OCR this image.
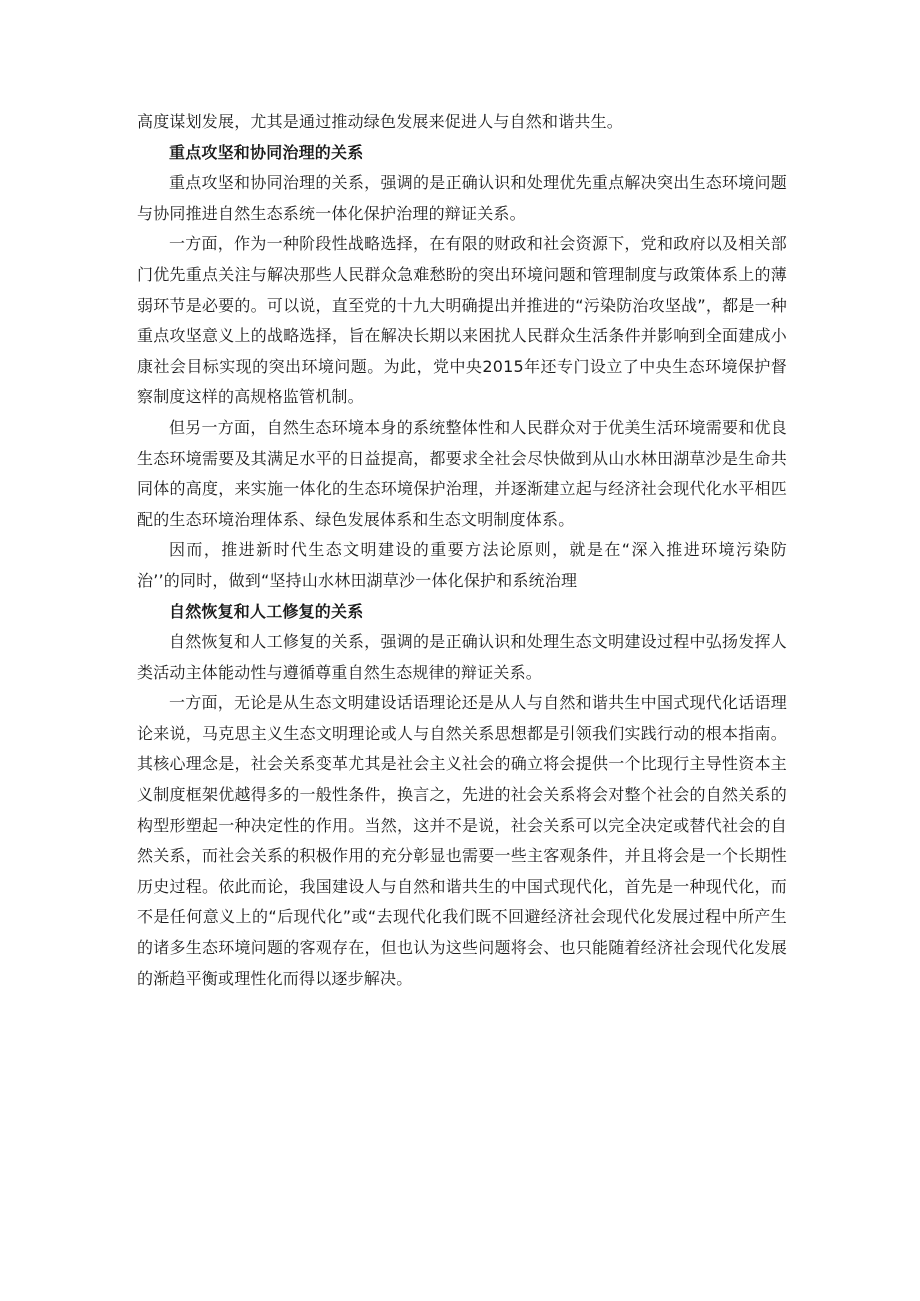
高度谋划发展，尤其是通过推动绿色发展来促进人与自然和谐共生。

重点攻坚和协同治理的关系

重点攻坚和协同治理的关系，强调的是正确认识和处理优先重点解决突出生态环境问题与协同推进自然生态系统一体化保护治理的辩证关系。

一方面，作为一种阶段性战略选择，在有限的财政和社会资源下，党和政府以及相关部门优先重点关注与解决那些人民群众急难愁盼的突出环境问题和管理制度与政策体系上的薄弱环节是必要的。可以说，直至党的十九大明确提出并推进的“污染防治攻坚战”，都是一种重点攻坚意义上的战略选择，旨在解决长期以来困扰人民群众生活条件并影响到全面建成小康社会目标实现的突出环境问题。为此，党中央2015年还专门设立了中央生态环境保护督察制度这样的高规格监管机制。

但另一方面，自然生态环境本身的系统整体性和人民群众对于优美生活环境需要和优良生态环境需要及其满足水平的日益提高，都要求全社会尽快做到从山水林田湖草沙是生命共同体的高度，来实施一体化的生态环境保护治理，并逐渐建立起与经济社会现代化水平相匹配的生态环境治理体系、绿色发展体系和生态文明制度体系。

因而，推进新时代生态文明建设的重要方法论原则，就是在“深入推进环境污染防治’’的同时，做到“坚持山水林田湖草沙一体化保护和系统治理

自然恢复和人工修复的关系

自然恢复和人工修复的关系，强调的是正确认识和处理生态文明建设过程中弘扬发挥人类活动主体能动性与遵循尊重自然生态规律的辩证关系。

一方面，无论是从生态文明建设话语理论还是从人与自然和谐共生中国式现代化话语理论来说，马克思主义生态文明理论或人与自然关系思想都是引领我们实践行动的根本指南。其核心理念是，社会关系变革尤其是社会主义社会的确立将会提供一个比现行主导性资本主义制度框架优越得多的一般性条件，换言之，先进的社会关系将会对整个社会的自然关系的构型形塑起一种决定性的作用。当然，这并不是说，社会关系可以完全决定或替代社会的自然关系，而社会关系的积极作用的充分彰显也需要一些主客观条件，并且将会是一个长期性历史过程。依此而论，我国建设人与自然和谐共生的中国式现代化，首先是一种现代化，而不是任何意义上的“后现代化”或“去现代化我们既不回避经济社会现代化发展过程中所产生的诸多生态环境问题的客观存在，但也认为这些问题将会、也只能随着经济社会现代化发展的渐趋平衡或理性化而得以逐步解决。
